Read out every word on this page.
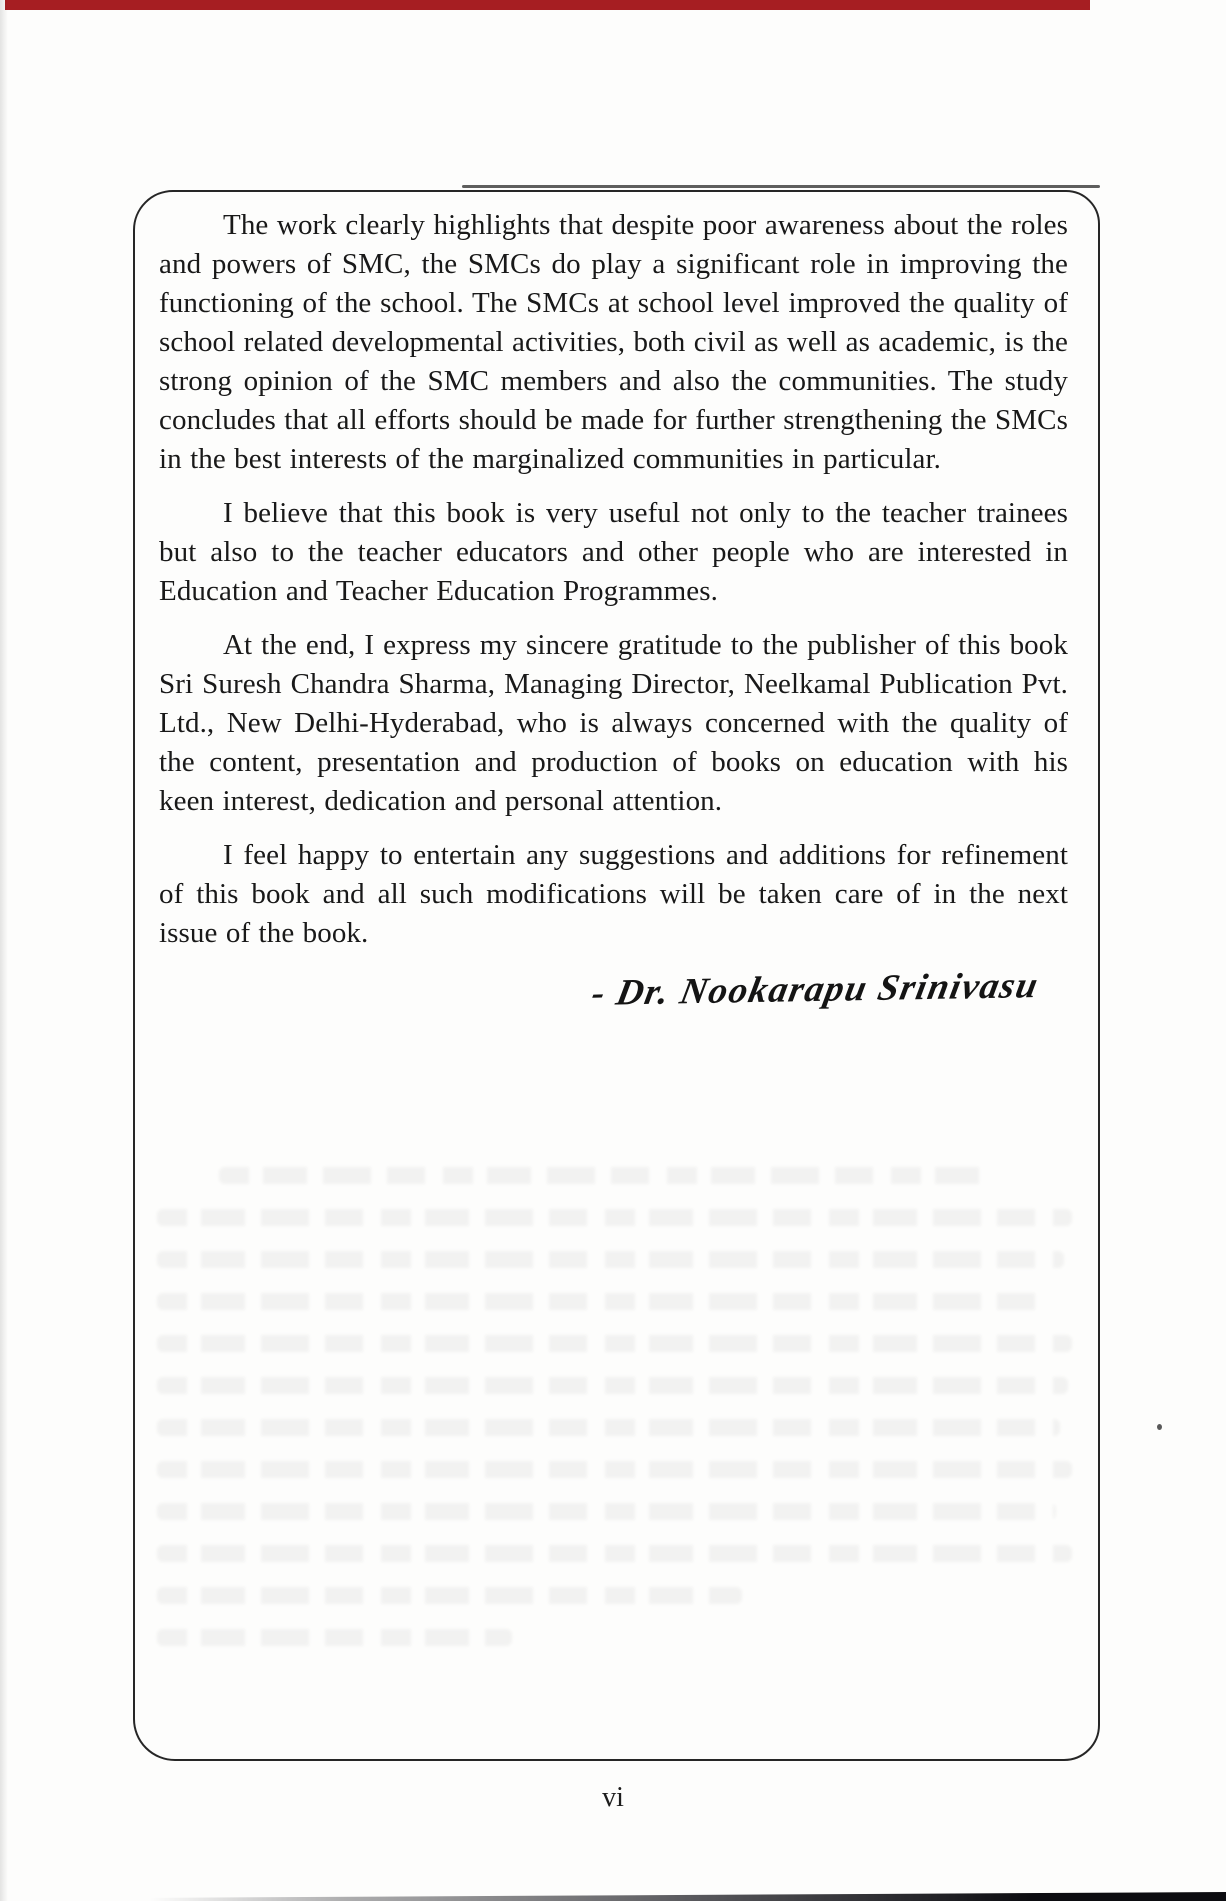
The work clearly highlights that despite poor awareness about the roles and powers of SMC, the SMCs do play a significant role in improving the functioning of the school. The SMCs at school level improved the quality of school related developmental activities, both civil as well as academic, is the strong opinion of the SMC members and also the communities. The study concludes that all efforts should be made for further strengthening the SMCs in the best interests of the marginalized communities in particular.

I believe that this book is very useful not only to the teacher trainees but also to the teacher educators and other people who are interested in Education and Teacher Education Programmes.

At the end, I express my sincere gratitude to the publisher of this book Sri Suresh Chandra Sharma, Managing Director, Neelkamal Publication Pvt. Ltd., New Delhi-Hyderabad, who is always concerned with the quality of the content, presentation and production of books on education with his keen interest, dedication and personal attention.

I feel happy to entertain any suggestions and additions for refinement of this book and all such modifications will be taken care of in the next issue of the book.

- Dr. Nookarapu Srinivasu
vi
